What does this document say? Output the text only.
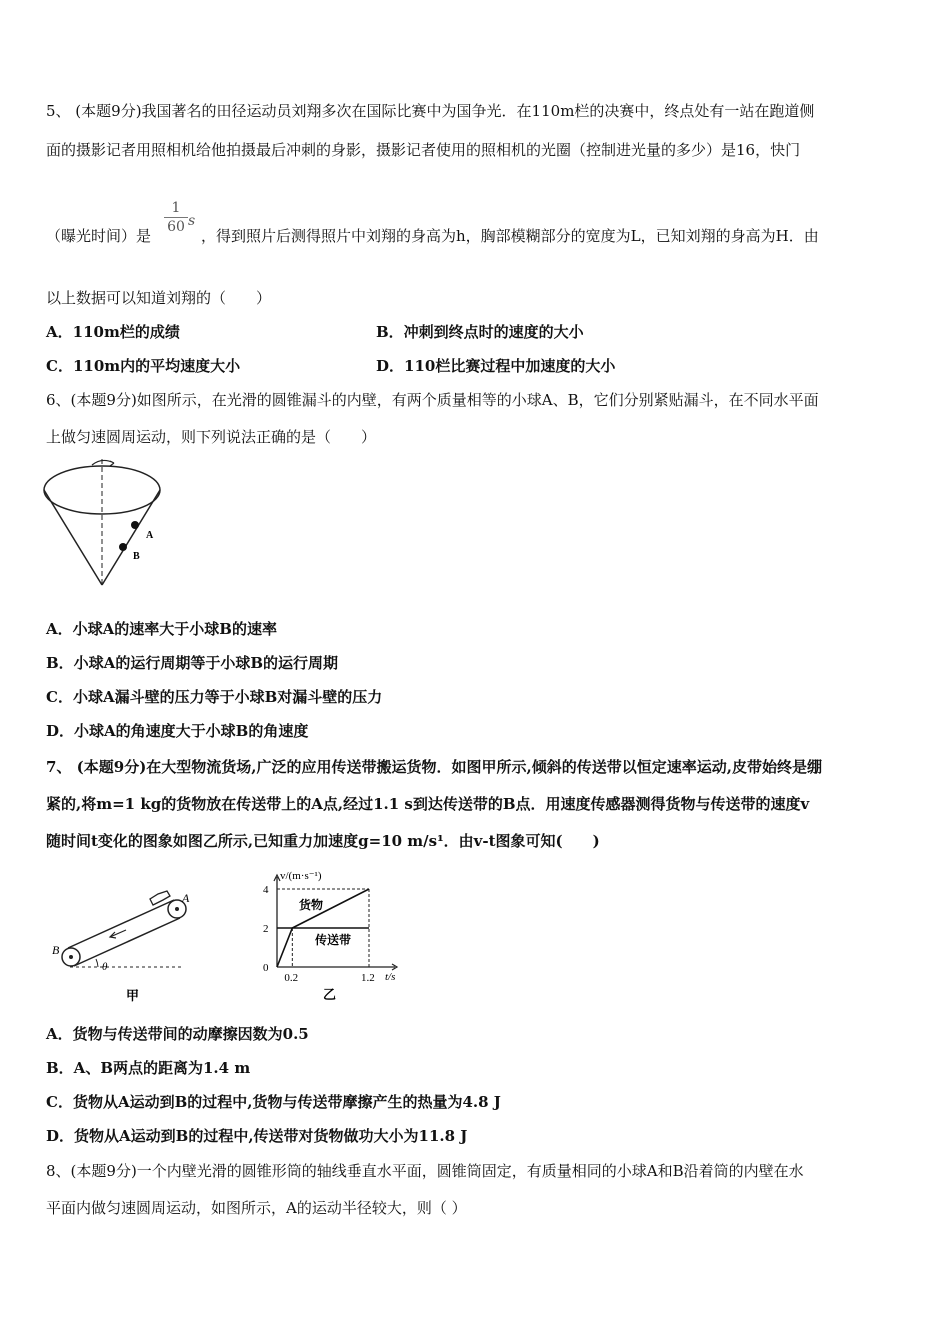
5、 (本题9分)我国著名的田径运动员刘翔多次在国际比赛中为国争光．在110m栏的决赛中，终点处有一站在跑道侧
面的摄影记者用照相机给他拍摄最后冲刺的身影，摄影记者使用的照相机的光圈（控制进光量的多少）是16，快门
（曝光时间）是	，得到照片后测得照片中刘翔的身高为h，胸部模糊部分的宽度为L，已知刘翔的身高为H．由
1
60 s
以上数据可以知道刘翔的（　　）
A．110m栏的成绩	B．冲刺到终点时的速度的大小
C．110m内的平均速度大小	D．110栏比赛过程中加速度的大小
6、(本题9分)如图所示，在光滑的圆锥漏斗的内壁，有两个质量相等的小球A、B，它们分别紧贴漏斗，在不同水平面
上做匀速圆周运动，则下列说法正确的是（　　）
A
B
A．小球A的速率大于小球B的速率
B．小球A的运行周期等于小球B的运行周期
C．小球A漏斗壁的压力等于小球B对漏斗壁的压力
D．小球A的角速度大于小球B的角速度
7、 (本题9分)在大型物流货场,广泛的应用传送带搬运货物．如图甲所示,倾斜的传送带以恒定速率运动,皮带始终是绷
紧的,将m=1 kg的货物放在传送带上的A点,经过1.1 s到达传送带的B点．用速度传感器测得货物与传送带的速度v
随时间t变化的图象如图乙所示,已知重力加速度g=10 m/s¹．由v-t图象可知(　　)
A
B
θ
甲
v/(m·s⁻¹)
t/s
4
2
0
0.2	1.2
货物
传送带
乙
A．货物与传送带间的动摩擦因数为0.5
B．A、B两点的距离为1.4 m
C．货物从A运动到B的过程中,货物与传送带摩擦产生的热量为4.8 J
D．货物从A运动到B的过程中,传送带对货物做功大小为11.8 J
8、(本题9分)一个内壁光滑的圆锥形筒的轴线垂直水平面，圆锥筒固定，有质量相同的小球A和B沿着筒的内壁在水
平面内做匀速圆周运动，如图所示，A的运动半径较大，则（ ）
